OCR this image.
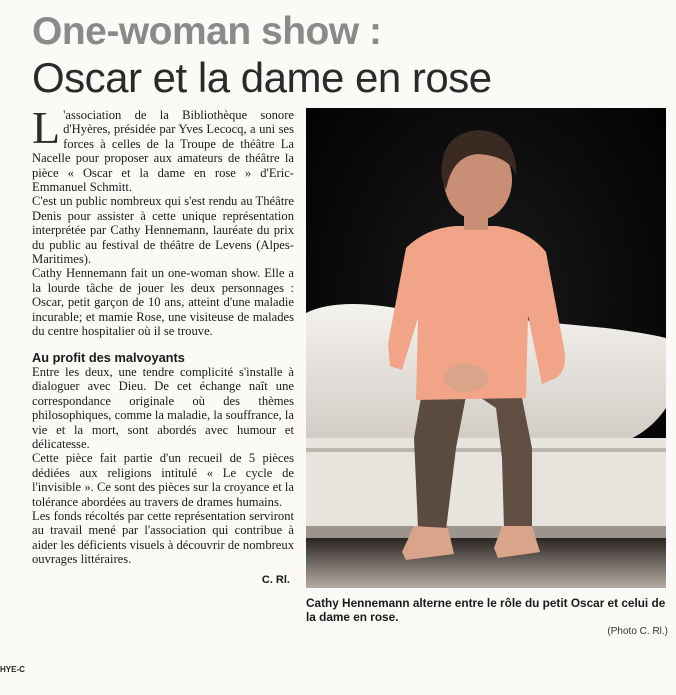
One-woman show :
Oscar et la dame en rose

L 'association de la Bibliothèque sonore d'Hyères, présidée par Yves Lecocq, a uni ses forces à celles de la Troupe de théâtre La Nacelle pour proposer aux amateurs de théâtre la pièce « Oscar et la dame en rose » d'Eric-Emmanuel Schmitt.

C'est un public nombreux qui s'est rendu au Théâtre Denis pour assister à cette unique représentation interprétée par Cathy Hennemann, lauréate du prix du public au festival de théâtre de Levens (Alpes-Maritimes).

Cathy Hennemann fait un one-woman show. Elle a la lourde tâche de jouer les deux personnages : Oscar, petit garçon de 10 ans, atteint d'une maladie incurable; et mamie Rose, une visiteuse de malades du centre hospitalier où il se trouve.

Au profit des malvoyants

Entre les deux, une tendre complicité s'installe à dialoguer avec Dieu. De cet échange naît une correspondance originale où des thèmes philosophiques, comme la maladie, la souffrance, la vie et la mort, sont abordés avec humour et délicatesse.

Cette pièce fait partie d'un recueil de 5 pièces dédiées aux religions intitulé « Le cycle de l'invisible ». Ce sont des pièces sur la croyance et la tolérance abordées au travers de drames humains.

Les fonds récoltés par cette représentation serviront au travail mené par l'association qui contribue à aider les déficients visuels à découvrir de nombreux ouvrages littéraires.

C. Rl.

Cathy Hennemann alterne entre le rôle du petit Oscar et celui de la dame en rose.
(Photo C. Rl.)
HYE-C
